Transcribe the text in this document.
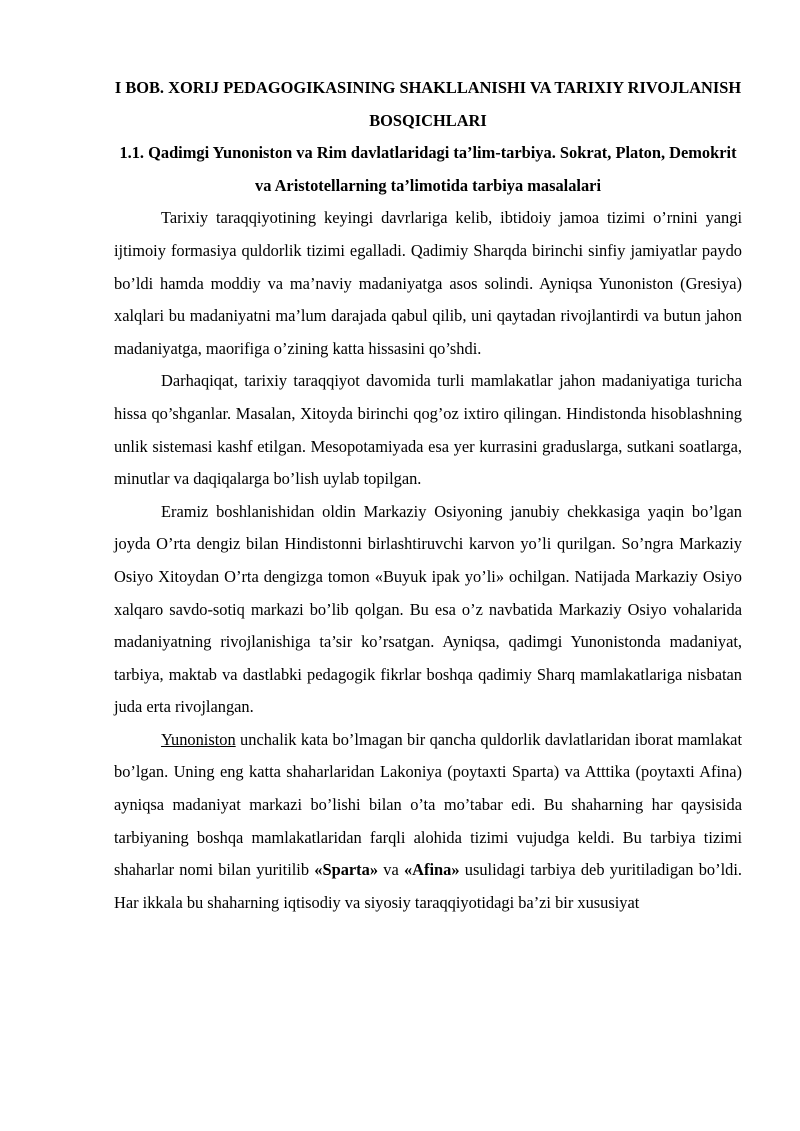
I BOB. XORIJ PEDAGOGIKASINING SHAKLLANISHI VA TARIXIY RIVOJLANISH BOSQICHLARI

1.1. Qadimgi Yunoniston va Rim davlatlaridagi ta’lim-tarbiya. Sokrat, Platon, Demokrit va Aristotellarning ta’limotida tarbiya masalalari

Tarixiy taraqqiyotining keyingi davrlariga kelib, ibtidoiy jamoa tizimi o’rnini yangi ijtimoiy formasiya quldorlik tizimi egalladi. Qadimiy Sharqda birinchi sinfiy jamiyatlar paydo bo’ldi hamda moddiy va ma’naviy madaniyatga asos solindi. Ayniqsa Yunoniston (Gresiya) xalqlari bu madaniyatni ma’lum darajada qabul qilib, uni qaytadan rivojlantirdi va butun jahon madaniyatga, maorifiga o’zining katta hissasini qo’shdi.

Darhaqiqat, tarixiy taraqqiyot davomida turli mamlakatlar jahon madaniyatiga turicha hissa qo’shganlar. Masalan, Xitoyda birinchi qog’oz ixtiro qilingan. Hindistonda hisoblashning unlik sistemasi kashf etilgan. Mesopotamiyada esa yer kurrasini graduslarga, sutkani soatlarga, minutlar va daqiqalarga bo’lish uylab topilgan.

Eramiz boshlanishidan oldin Markaziy Osiyoning janubiy chekkasiga yaqin bo’lgan joyda O’rta dengiz bilan Hindistonni birlashtiruvchi karvon yo’li qurilgan. So’ngra Markaziy Osiyo Xitoydan O’rta dengizga tomon «Buyuk ipak yo’li» ochilgan. Natijada Markaziy Osiyo xalqaro savdo-sotiq markazi bo’lib qolgan. Bu esa o’z navbatida Markaziy Osiyo vohalarida madaniyatning rivojlanishiga ta’sir ko’rsatgan. Ayniqsa, qadimgi Yunonistonda madaniyat, tarbiya, maktab va dastlabki pedagogik fikrlar boshqa qadimiy Sharq mamlakatlariga nisbatan juda erta rivojlangan.

Yunoniston unchalik kata bo’lmagan bir qancha quldorlik davlatlaridan iborat mamlakat bo’lgan. Uning eng katta shaharlaridan Lakoniya (poytaxti Sparta) va Atttika (poytaxti Afina) ayniqsa madaniyat markazi bo’lishi bilan o’ta mo’tabar edi. Bu shaharning har qaysisida tarbiyaning boshqa mamlakatlaridan farqli alohida tizimi vujudga keldi. Bu tarbiya tizimi shaharlar nomi bilan yuritilib «Sparta» va «Afina» usulidagi tarbiya deb yuritiladigan bo’ldi. Har ikkala bu shaharning iqtisodiy va siyosiy taraqqiyotidagi ba’zi bir xususiyat
